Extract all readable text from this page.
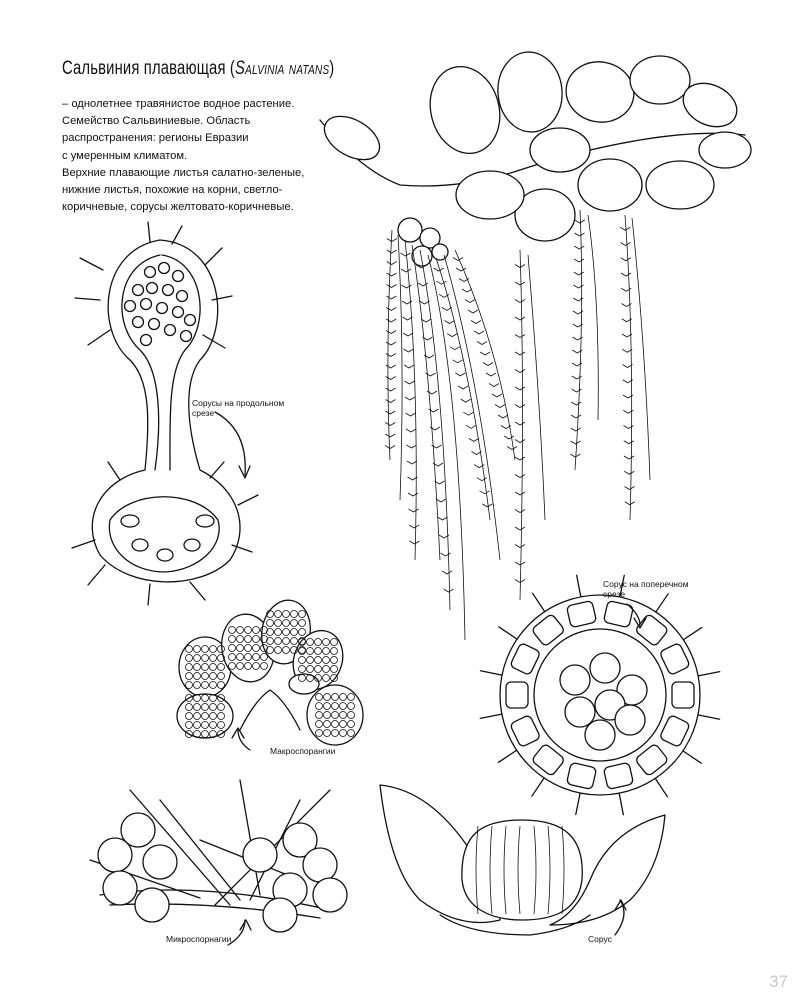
Сальвиния плавающая (Salvinia natans)
– однолетнее травянистое водное растение.
Семейство Сальвиниевые. Область
распространения: регионы Евразии
с умеренным климатом.
Верхние плавающие листья салатно-зеленые,
нижние листья, похожие на корни, светло-
коричневые, сорусы желтовато-коричневые.
Сорусы на продольном
срезе
Макроспорангии
Сорус на поперечном
срезе
Микроспорнагии	Сорус
37
